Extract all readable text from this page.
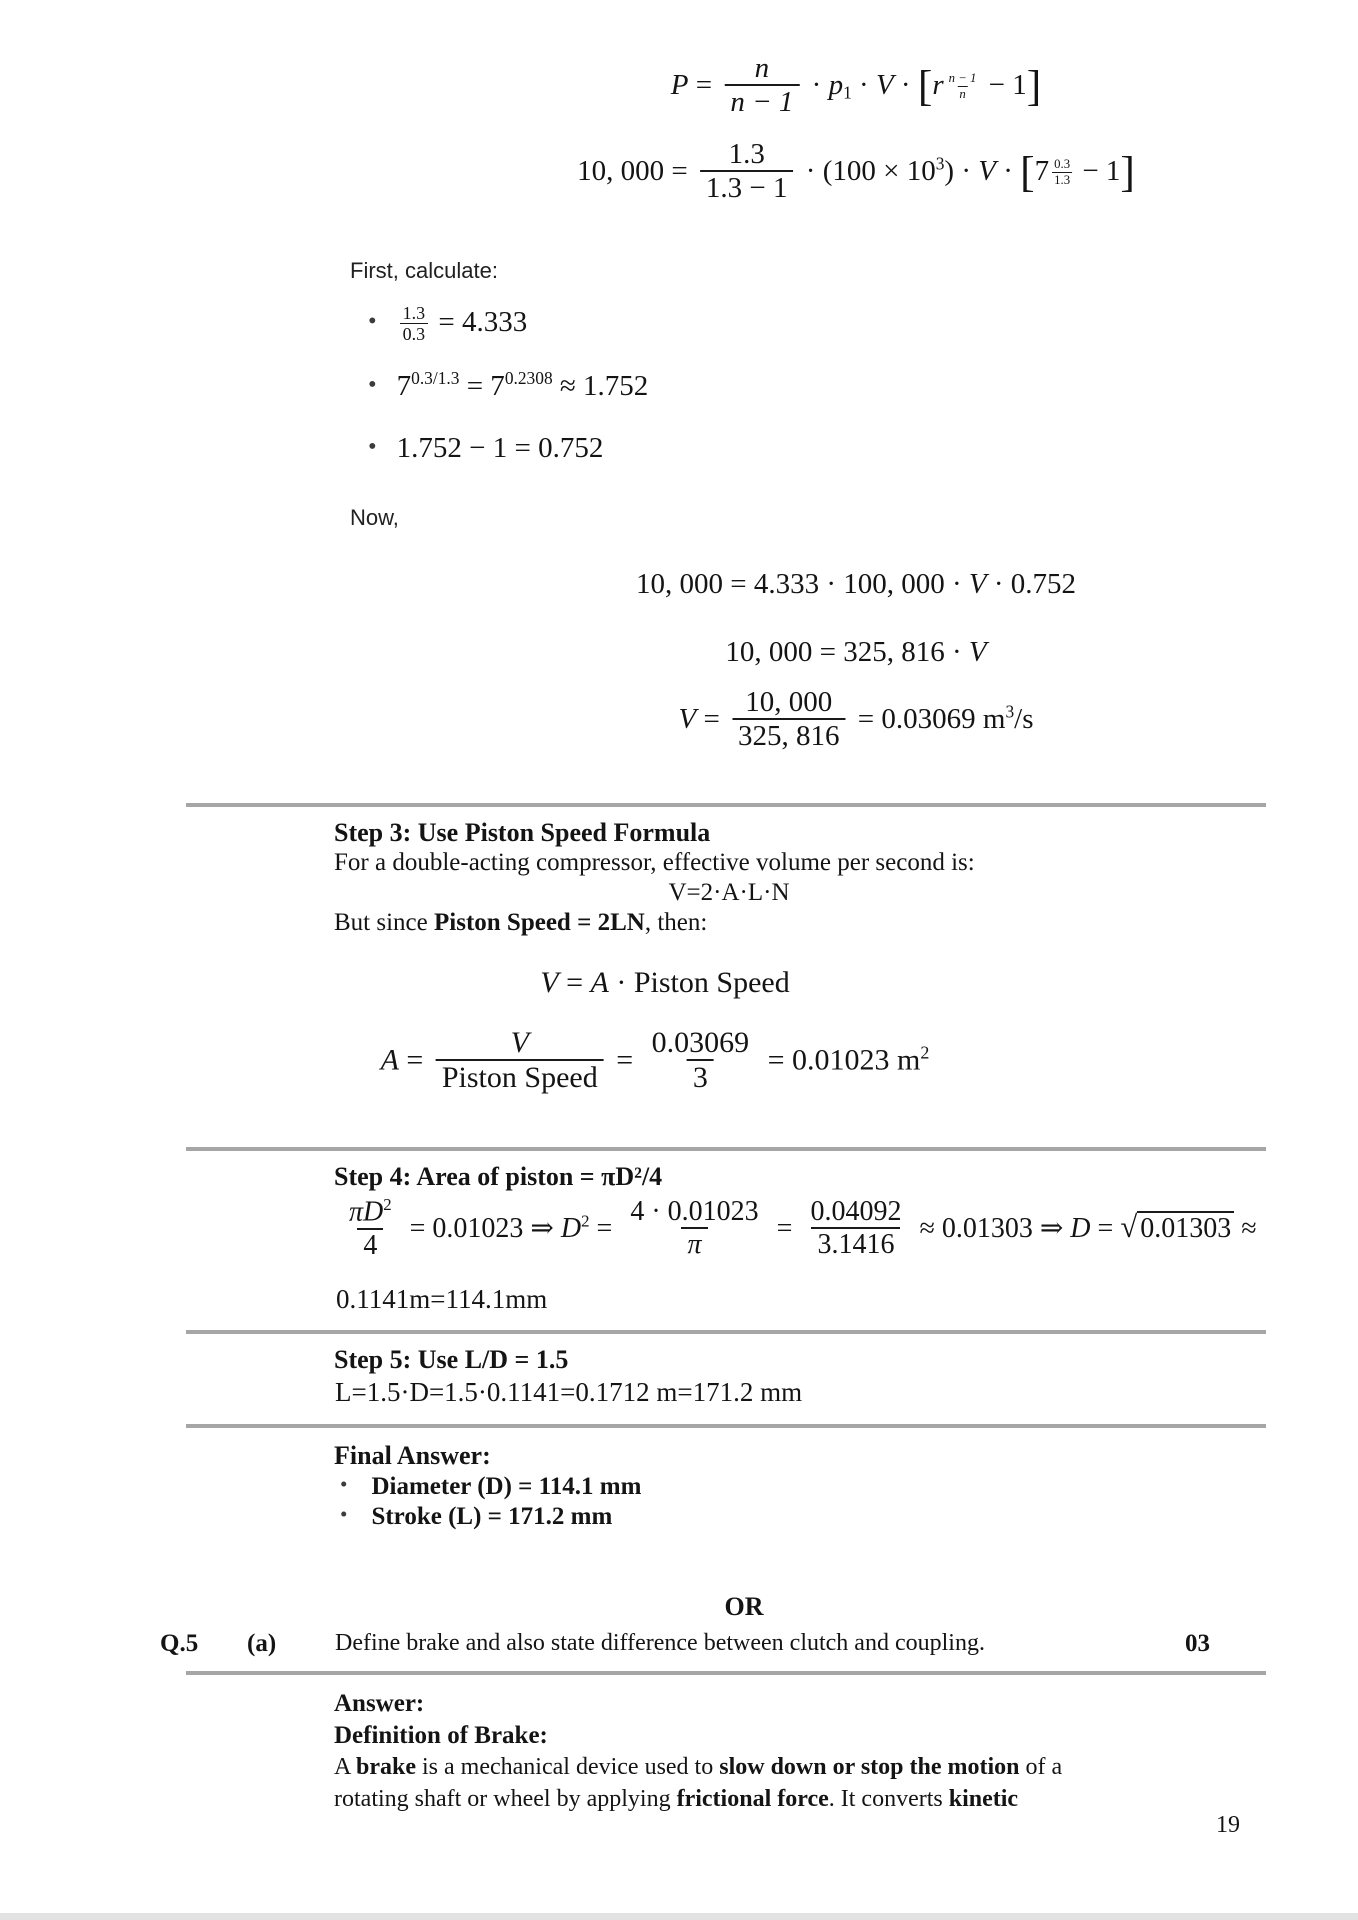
$P = \frac{n}{n - 1} \cdot p_1 \cdot V \cdot [r \frac{n - 1}{n} - 1]$
10, $000 = \frac{1.3}{1.3 - 1} \cdot (100 \times 10^3) \cdot V \cdot [7 \frac{0.3}{1.3} - 1]$
First, calculate:
• $\frac{1.3}{0.3} = 4.333$
• $7^{0.3/1.3} = 7^{0.2308} \approx 1.752$
• 1.752 − 1 = 0.752
Now,
10, 000 = 4.333 · 100, 000 · V · 0.752
10, 000 = 325, 816 · V
$V = \frac{10, 000}{325, 816} = 0.03069$ $m^3/s$
Step 3: Use Piston Speed Formula
For a double-acting compressor, effective volume per second is:
V=2·A·L·N
But since Piston Speed = 2LN, then:
V = A · Piston Speed
$A = \frac{V}{\text{Piston Speed}} = \frac{0.03069}{3} = 0.01023$ $m^2$
Step 4: Area of piston = πD²/4
$\frac{\pi D^2}{4} = 0.01023$ ⇒ $D^2 = \frac{4 \cdot 0.01023}{\pi} = \frac{0.04092}{3.1416} \approx 0.01303$ ⇒ D = √ 0.01303 ≈
0.1141m=114.1mm
Step 5: Use L/D = 1.5
L=1.5·D=1.5·0.1141=0.1712 m=171.2 mm
Final Answer:
• Diameter (D) = 114.1 mm
• Stroke (L) = 171.2 mm
OR
Q.5 (a) Define brake and also state difference between clutch and coupling.	03
Answer:
Definition of Brake:
A brake is a mechanical device used to slow down or stop the motion of a
rotating shaft or wheel by applying frictional force. It converts kinetic
19
